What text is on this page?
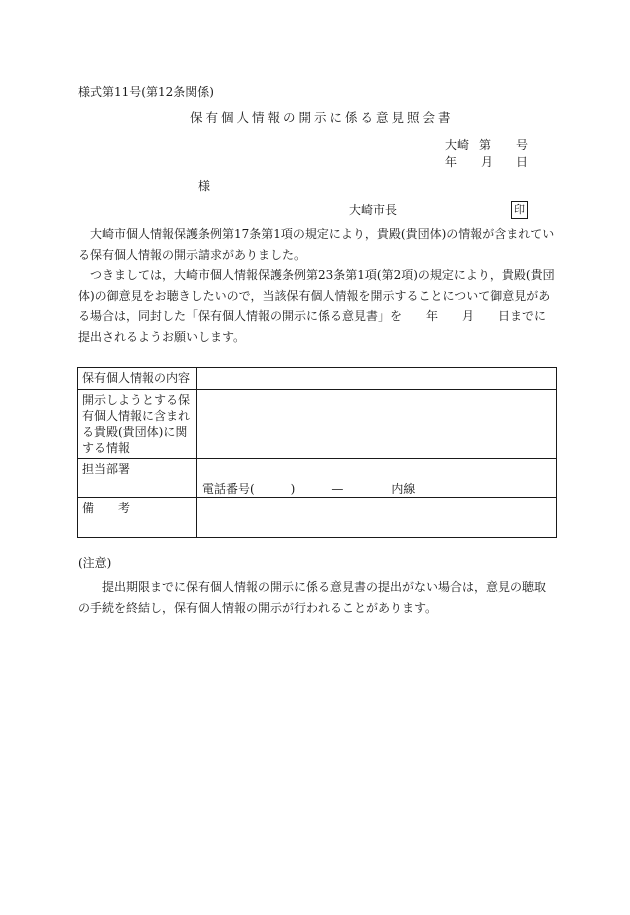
様式第11号(第12条関係)
保有個人情報の開示に係る意見照会書
大崎 第 号
年 月 日
様
大崎市長	印

　大崎市個人情報保護条例第17条第1項の規定により，貴殿(貴団体)の情報が含まれている保有個人情報の開示請求がありました。

　つきましては，大崎市個人情報保護条例第23条第1項(第2項)の規定により，貴殿(貴団体)の御意見をお聴きしたいので，当該保有個人情報を開示することについて御意見がある場合は，同封した「保有個人情報の開示に係る意見書」を　　年　　月　　日までに提出されるようお願いします。

保有個人情報の内容	
開示しようとする保有個人情報に含まれる貴殿(貴団体)に関する情報	
担当部署	電話番号(　　　)　　　—　　　　内線

備　　考	
(注意)

　　提出期限までに保有個人情報の開示に係る意見書の提出がない場合は，意見の聴取の手続を終結し，保有個人情報の開示が行われることがあります。
